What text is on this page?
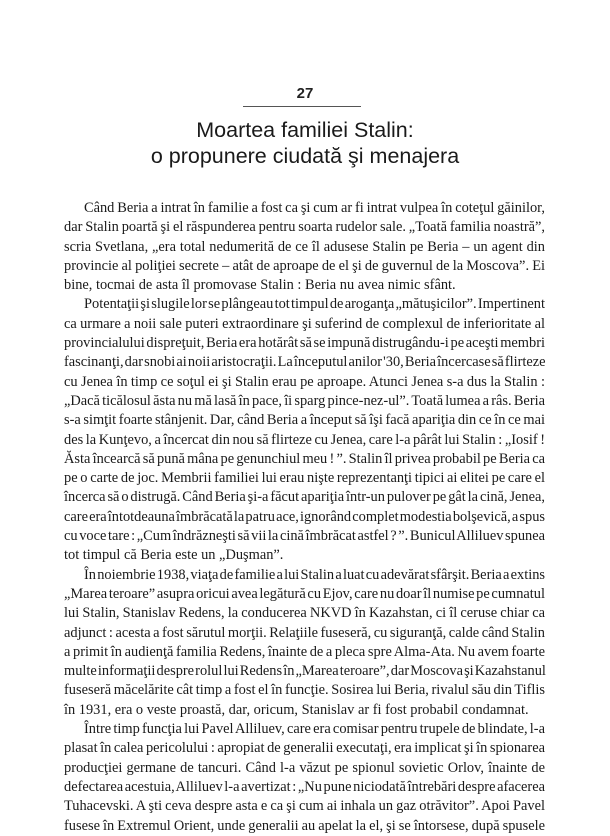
27
Moartea familiei Stalin:
o propunere ciudată şi menajera
Când Beria a intrat în familie a fost ca şi cum ar fi intrat vulpea în coteţul găinilor,
dar Stalin poartă şi el răspunderea pentru soarta rudelor sale. „Toată familia noastră”,
scria Svetlana, „era total nedumerită de ce îl adusese Stalin pe Beria – un agent din
provincie al poliţiei secrete – atât de aproape de el şi de guvernul de la Moscova”. Ei
bine, tocmai de asta îl promovase Stalin : Beria nu avea nimic sfânt.
Potentaţii şi slugile lor se plângeau tot timpul de aroganţa „mătuşicilor”. Impertinent
ca urmare a noii sale puteri extraordinare şi suferind de complexul de inferioritate al
provincialului dispreţuit, Beria era hotărât să se impună distrugându-i pe aceşti membri
fascinanţi, dar snobi ai noii aristocraţii. La începutul anilor '30, Beria încercase să flirteze
cu Jenea în timp ce soţul ei şi Stalin erau pe aproape. Atunci Jenea s-a dus la Stalin :
„Dacă ticălosul ăsta nu mă lasă în pace, îi sparg pince-nez-ul”. Toată lumea a râs. Beria
s-a simţit foarte stânjenit. Dar, când Beria a început să îşi facă apariţia din ce în ce mai
des la Kunţevo, a încercat din nou să flirteze cu Jenea, care l-a pârât lui Stalin : „Iosif !
Ăsta încearcă să pună mâna pe genunchiul meu ! ”. Stalin îl privea probabil pe Beria ca
pe o carte de joc. Membrii familiei lui erau nişte reprezentanţi tipici ai elitei pe care el
încerca să o distrugă. Când Beria şi-a făcut apariţia într-un pulover pe gât la cină, Jenea,
care era întotdeauna îmbrăcată la patru ace, ignorând complet modestia bolşevică, a spus
cu voce tare : „Cum îndrăzneşti să vii la cină îmbrăcat astfel ? ”. Bunicul Alliluev spunea
tot timpul că Beria este un „Duşman”.
În noiembrie 1938, viaţa de familie a lui Stalin a luat cu adevărat sfârşit. Beria a extins
„Marea teroare” asupra oricui avea legătură cu Ejov, care nu doar îl numise pe cumnatul
lui Stalin, Stanislav Redens, la conducerea NKVD în Kazahstan, ci îl ceruse chiar ca
adjunct : acesta a fost sărutul morţii. Relaţiile fuseseră, cu siguranţă, calde când Stalin
a primit în audienţă familia Redens, înainte de a pleca spre Alma-Ata. Nu avem foarte
multe informaţii despre rolul lui Redens în „Marea teroare”, dar Moscova şi Kazahstanul
fuseseră măcelărite cât timp a fost el în funcţie. Sosirea lui Beria, rivalul său din Tiflis
în 1931, era o veste proastă, dar, oricum, Stanislav ar fi fost probabil condamnat.
Între timp funcţia lui Pavel Alliluev, care era comisar pentru trupele de blindate, l-a
plasat în calea pericolului : apropiat de generalii executaţi, era implicat şi în spionarea
producţiei germane de tancuri. Când l-a văzut pe spionul sovietic Orlov, înainte de
defectarea acestuia, Alliluev l-a avertizat : „Nu pune niciodată întrebări despre afacerea
Tuhacevski. A şti ceva despre asta e ca şi cum ai inhala un gaz otrăvitor”. Apoi Pavel
fusese în Extremul Orient, unde generalii au apelat la el, şi se întorsese, după spusele
